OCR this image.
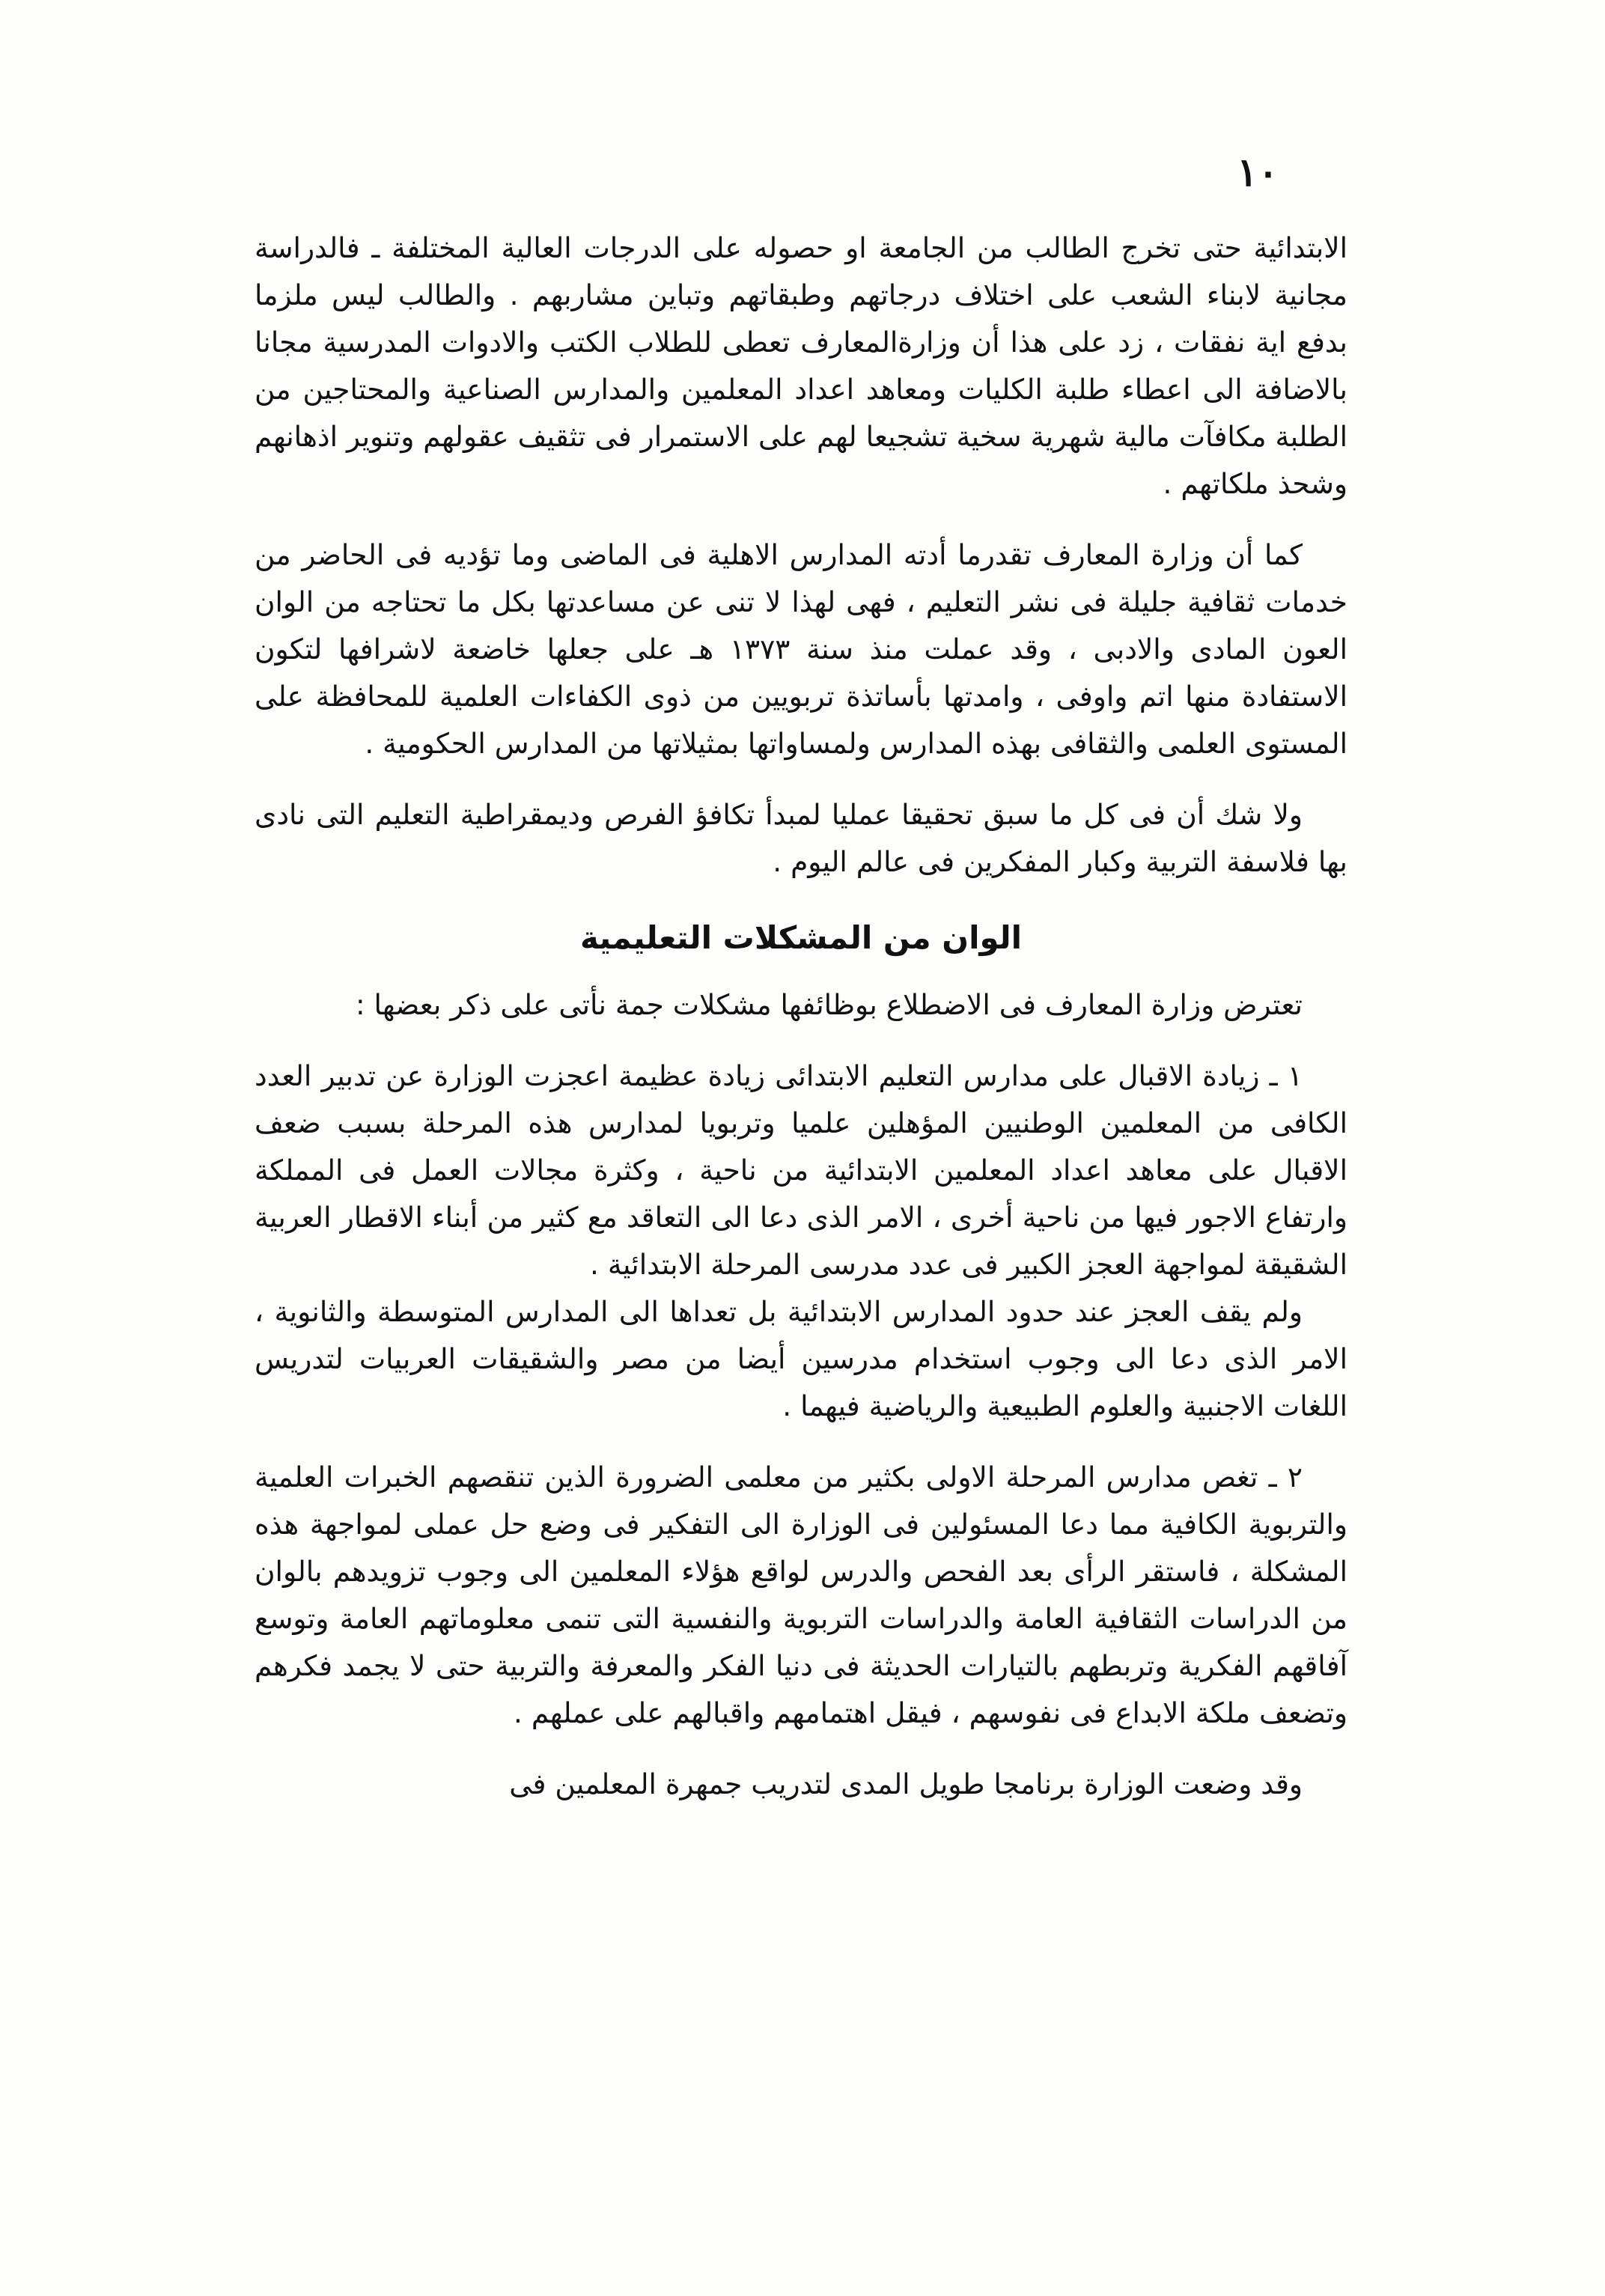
١٠

الابتدائية حتى تخرج الطالب من الجامعة او حصوله على الدرجات العالية المختلفة ـ فالدراسة مجانية لابناء الشعب على اختلاف درجاتهم وطبقاتهم وتباين مشاربهم . والطالب ليس ملزما بدفع اية نفقات ، زد على هذا أن وزارةالمعارف تعطى للطلاب الكتب والادوات المدرسية مجانا بالاضافة الى اعطاء طلبة الكليات ومعاهد اعداد المعلمين والمدارس الصناعية والمحتاجين من الطلبة مكافآت مالية شهرية سخية تشجيعا لهم على الاستمرار فى تثقيف عقولهم وتنوير اذهانهم وشحذ ملكاتهم .

كما أن وزارة المعارف تقدرما أدته المدارس الاهلية فى الماضى وما تؤديه فى الحاضر من خدمات ثقافية جليلة فى نشر التعليم ، فهى لهذا لا تنى عن مساعدتها بكل ما تحتاجه من الوان العون المادى والادبى ، وقد عملت منذ سنة ١٣٧٣ هـ على جعلها خاضعة لاشرافها لتكون الاستفادة منها اتم واوفى ، وامدتها بأساتذة تربويين من ذوى الكفاءات العلمية للمحافظة على المستوى العلمى والثقافى بهذه المدارس ولمساواتها بمثيلاتها من المدارس الحكومية .

ولا شك أن فى كل ما سبق تحقيقا عمليا لمبدأ تكافؤ الفرص وديمقراطية التعليم التى نادى بها فلاسفة التربية وكبار المفكرين فى عالم اليوم .

الوان من المشكلات التعليمية

تعترض وزارة المعارف فى الاضطلاع بوظائفها مشكلات جمة نأتى على ذكر بعضها :

١ ـ زيادة الاقبال على مدارس التعليم الابتدائى زيادة عظيمة اعجزت الوزارة عن تدبير العدد الكافى من المعلمين الوطنيين المؤهلين علميا وتربويا لمدارس هذه المرحلة بسبب ضعف الاقبال على معاهد اعداد المعلمين الابتدائية من ناحية ، وكثرة مجالات العمل فى المملكة وارتفاع الاجور فيها من ناحية أخرى ، الامر الذى دعا الى التعاقد مع كثير من أبناء الاقطار العربية الشقيقة لمواجهة العجز الكبير فى عدد مدرسى المرحلة الابتدائية .

ولم يقف العجز عند حدود المدارس الابتدائية بل تعداها الى المدارس المتوسطة والثانوية ، الامر الذى دعا الى وجوب استخدام مدرسين أيضا من مصر والشقيقات العربيات لتدريس اللغات الاجنبية والعلوم الطبيعية والرياضية فيهما .

٢ ـ تغص مدارس المرحلة الاولى بكثير من معلمى الضرورة الذين تنقصهم الخبرات العلمية والتربوية الكافية مما دعا المسئولين فى الوزارة الى التفكير فى وضع حل عملى لمواجهة هذه المشكلة ، فاستقر الرأى بعد الفحص والدرس لواقع هؤلاء المعلمين الى وجوب تزويدهم بالوان من الدراسات الثقافية العامة والدراسات التربوية والنفسية التى تنمى معلوماتهم العامة وتوسع آفاقهم الفكرية وتربطهم بالتيارات الحديثة فى دنيا الفكر والمعرفة والتربية حتى لا يجمد فكرهم وتضعف ملكة الابداع فى نفوسهم ، فيقل اهتمامهم واقبالهم على عملهم .

وقد وضعت الوزارة برنامجا طويل المدى لتدريب جمهرة المعلمين فى
